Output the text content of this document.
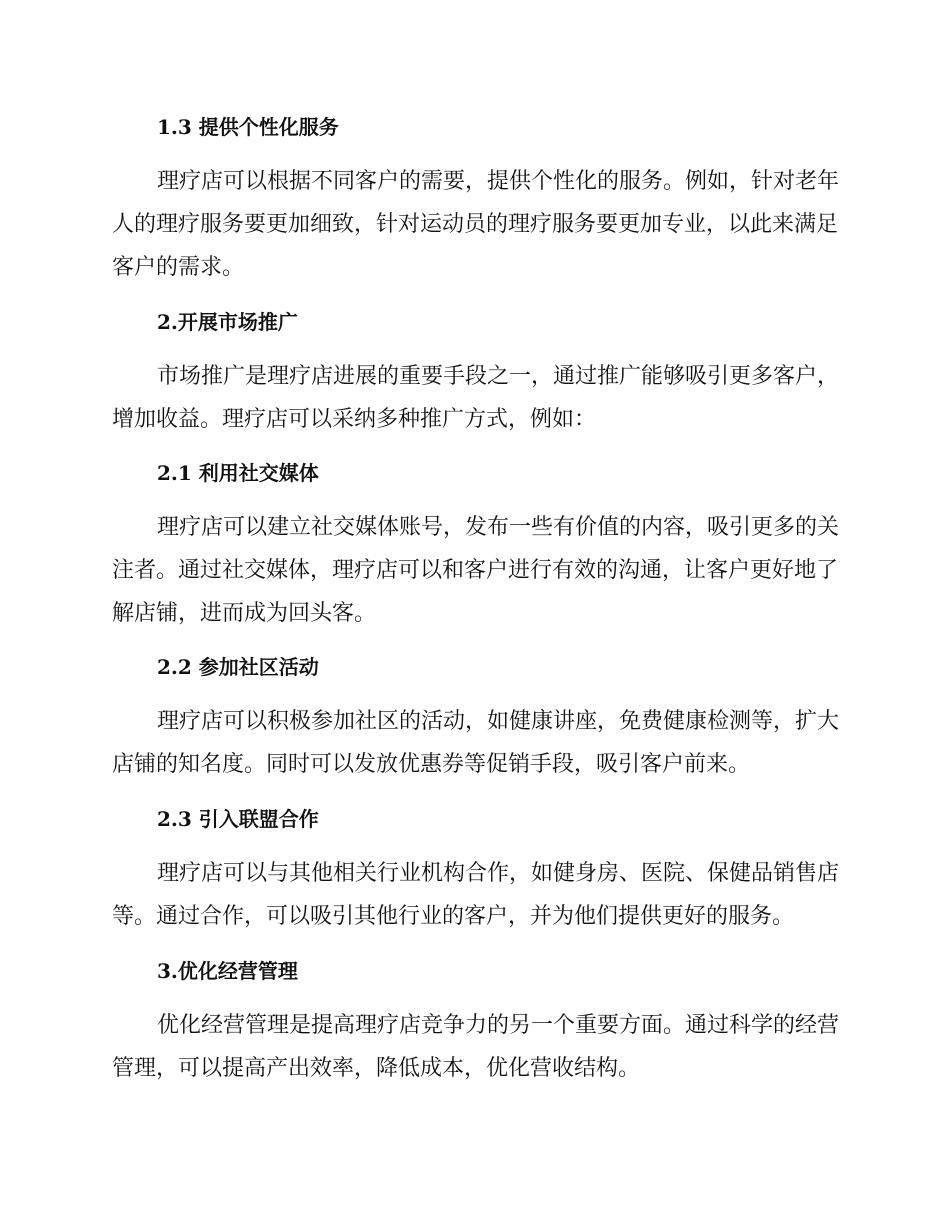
1.3 提供个性化服务
理疗店可以根据不同客户的需要，提供个性化的服务。例如，针对老年
人的理疗服务要更加细致，针对运动员的理疗服务要更加专业，以此来满足
客户的需求。
2.开展市场推广
市场推广是理疗店进展的重要手段之一，通过推广能够吸引更多客户，
增加收益。理疗店可以采纳多种推广方式，例如：
2.1 利用社交媒体
理疗店可以建立社交媒体账号，发布一些有价值的内容，吸引更多的关
注者。通过社交媒体，理疗店可以和客户进行有效的沟通，让客户更好地了
解店铺，进而成为回头客。
2.2 参加社区活动
理疗店可以积极参加社区的活动，如健康讲座，免费健康检测等，扩大
店铺的知名度。同时可以发放优惠券等促销手段，吸引客户前来。
2.3 引入联盟合作
理疗店可以与其他相关行业机构合作，如健身房、医院、保健品销售店
等。通过合作，可以吸引其他行业的客户，并为他们提供更好的服务。
3.优化经营管理
优化经营管理是提高理疗店竞争力的另一个重要方面。通过科学的经营
管理，可以提高产出效率，降低成本，优化营收结构。
